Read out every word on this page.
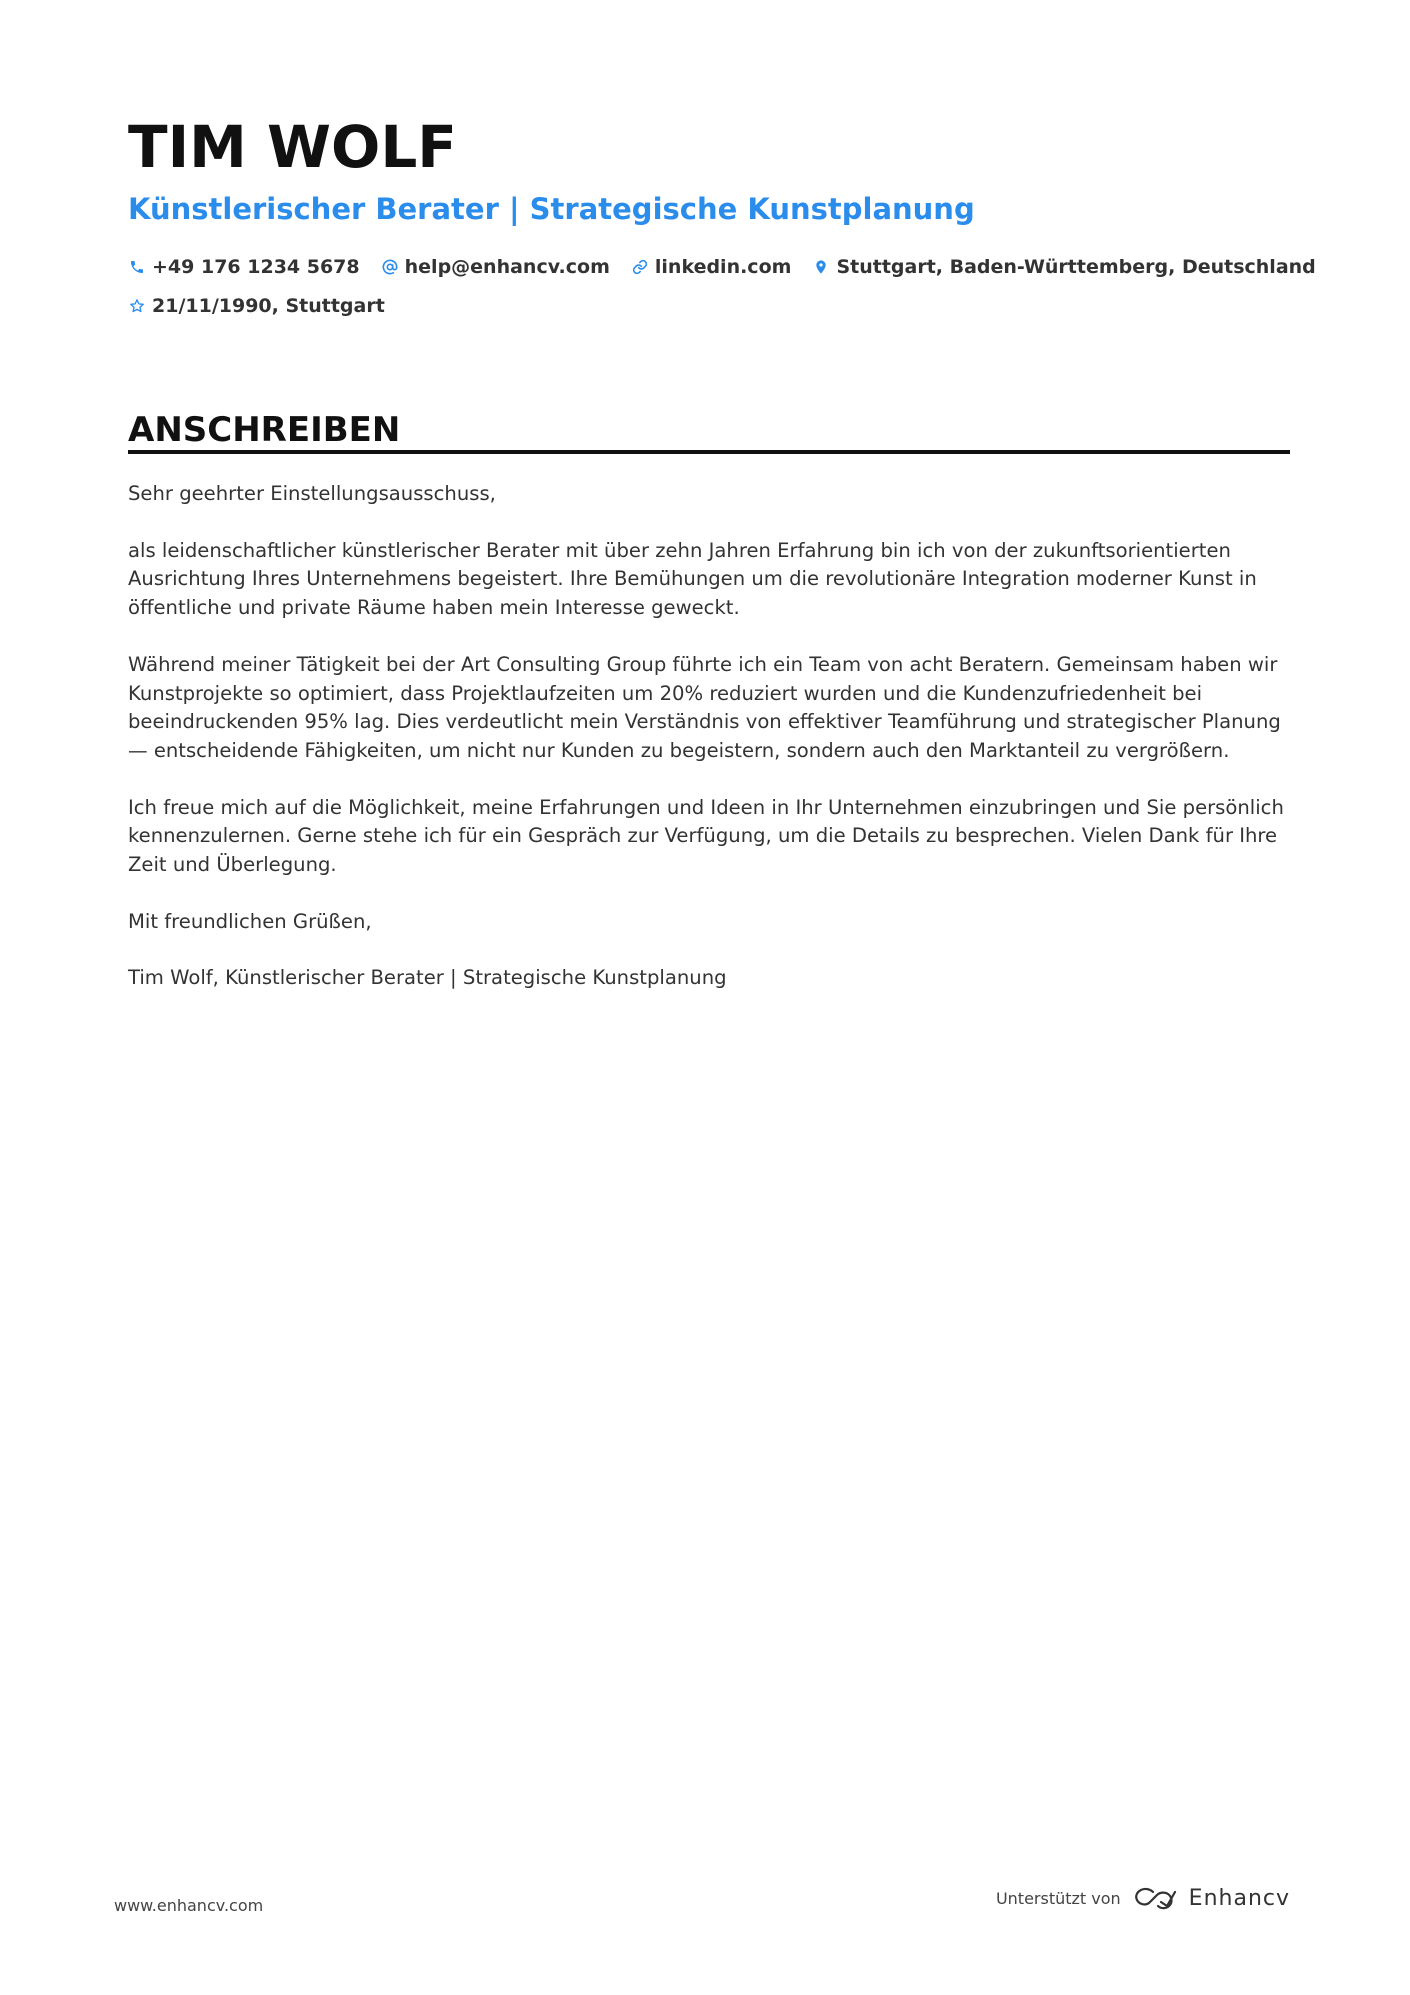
TIM WOLF
Künstlerischer Berater | Strategische Kunstplanung
+49 176 1234 5678 help@enhancv.com linkedin.com Stuttgart, Baden-Württemberg, Deutschland
21/11/1990, Stuttgart
ANSCHREIBEN

Sehr geehrter Einstellungsausschuss,

als leidenschaftlicher künstlerischer Berater mit über zehn Jahren Erfahrung bin ich von der zukunftsorientierten Ausrichtung Ihres Unternehmens begeistert. Ihre Bemühungen um die revolutionäre Integration moderner Kunst in öffentliche und private Räume haben mein Interesse geweckt.

Während meiner Tätigkeit bei der Art Consulting Group führte ich ein Team von acht Beratern. Gemeinsam haben wir Kunstprojekte so optimiert, dass Projektlaufzeiten um 20% reduziert wurden und die Kundenzufriedenheit bei beeindruckenden 95% lag. Dies verdeutlicht mein Verständnis von effektiver Teamführung und strategischer Planung — entscheidende Fähigkeiten, um nicht nur Kunden zu begeistern, sondern auch den Marktanteil zu vergrößern.

Ich freue mich auf die Möglichkeit, meine Erfahrungen und Ideen in Ihr Unternehmen einzubringen und Sie persönlich kennenzulernen. Gerne stehe ich für ein Gespräch zur Verfügung, um die Details zu besprechen. Vielen Dank für Ihre Zeit und Überlegung.

Mit freundlichen Grüßen,

Tim Wolf, Künstlerischer Berater | Strategische Kunstplanung

www.enhancv.com	Unterstützt von	Enhancv
